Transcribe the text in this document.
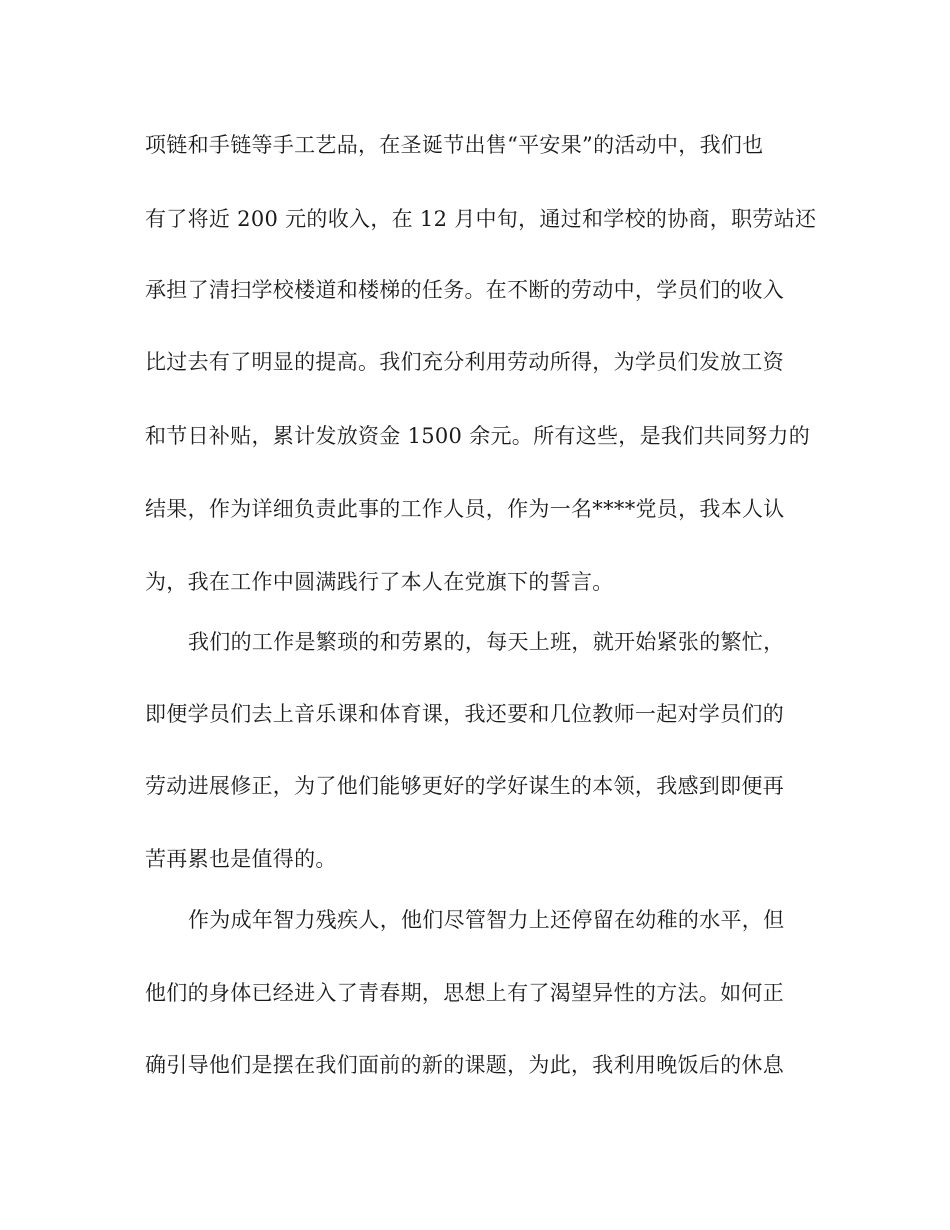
项链和手链等手工艺品，在圣诞节出售“平安果”的活动中，我们也

有了将近 200 元的收入，在 12 月中旬，通过和学校的协商，职劳站还

承担了清扫学校楼道和楼梯的任务。在不断的劳动中，学员们的收入

比过去有了明显的提高。我们充分利用劳动所得，为学员们发放工资

和节日补贴，累计发放资金 1500 余元。所有这些，是我们共同努力的

结果，作为详细负责此事的工作人员，作为一名****党员，我本人认

为，我在工作中圆满践行了本人在党旗下的誓言。

我们的工作是繁琐的和劳累的，每天上班，就开始紧张的繁忙，

即便学员们去上音乐课和体育课，我还要和几位教师一起对学员们的

劳动进展修正，为了他们能够更好的学好谋生的本领，我感到即便再

苦再累也是值得的。

作为成年智力残疾人，他们尽管智力上还停留在幼稚的水平，但

他们的身体已经进入了青春期，思想上有了渴望异性的方法。如何正

确引导他们是摆在我们面前的新的课题，为此，我利用晚饭后的休息
